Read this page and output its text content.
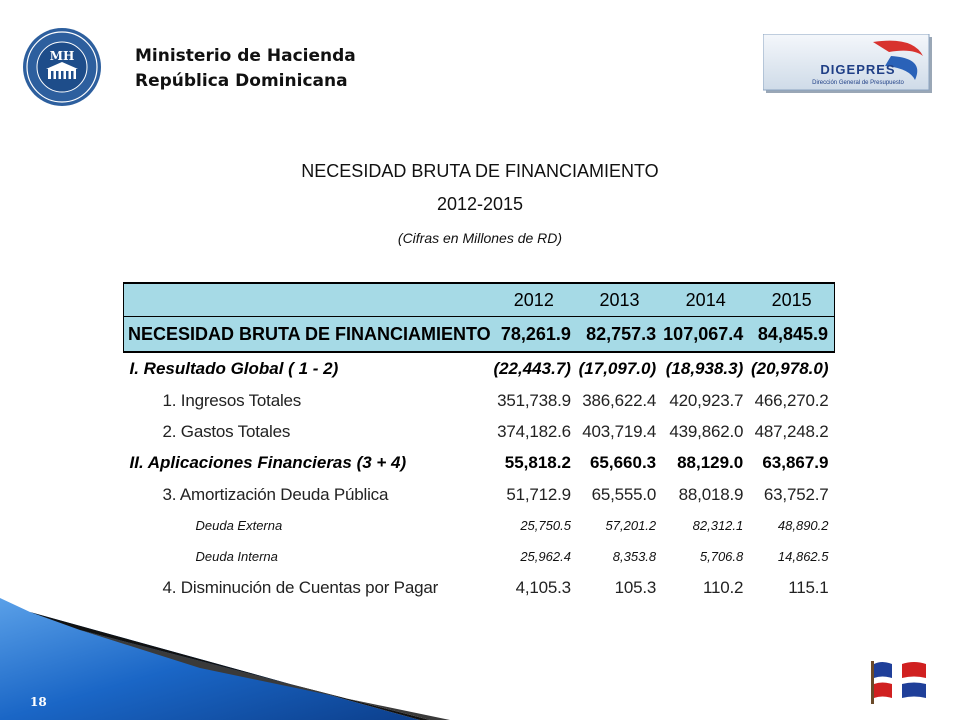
MH	Ministerio de Hacienda
República Dominicana
DIGEPRES
Dirección General de Presupuesto
NECESIDAD BRUTA DE FINANCIAMIENTO
2012-2015
(Cifras en Millones de RD)
	2012	2013	2014	2015
NECESIDAD BRUTA DE FINANCIAMIENTO	78,261.9	82,757.3	107,067.4	84,845.9
I. Resultado Global ( 1 - 2)	(22,443.7)	(17,097.0)	(18,938.3)	(20,978.0)
1. Ingresos Totales	351,738.9	386,622.4	420,923.7	466,270.2
2. Gastos Totales	374,182.6	403,719.4	439,862.0	487,248.2
II. Aplicaciones Financieras (3 + 4)	55,818.2	65,660.3	88,129.0	63,867.9
3. Amortización Deuda Pública	51,712.9	65,555.0	88,018.9	63,752.7
Deuda Externa	25,750.5	57,201.2	82,312.1	48,890.2
Deuda Interna	25,962.4	8,353.8	5,706.8	14,862.5
4. Disminución de Cuentas por Pagar	4,105.3	105.3	110.2	115.1
18
